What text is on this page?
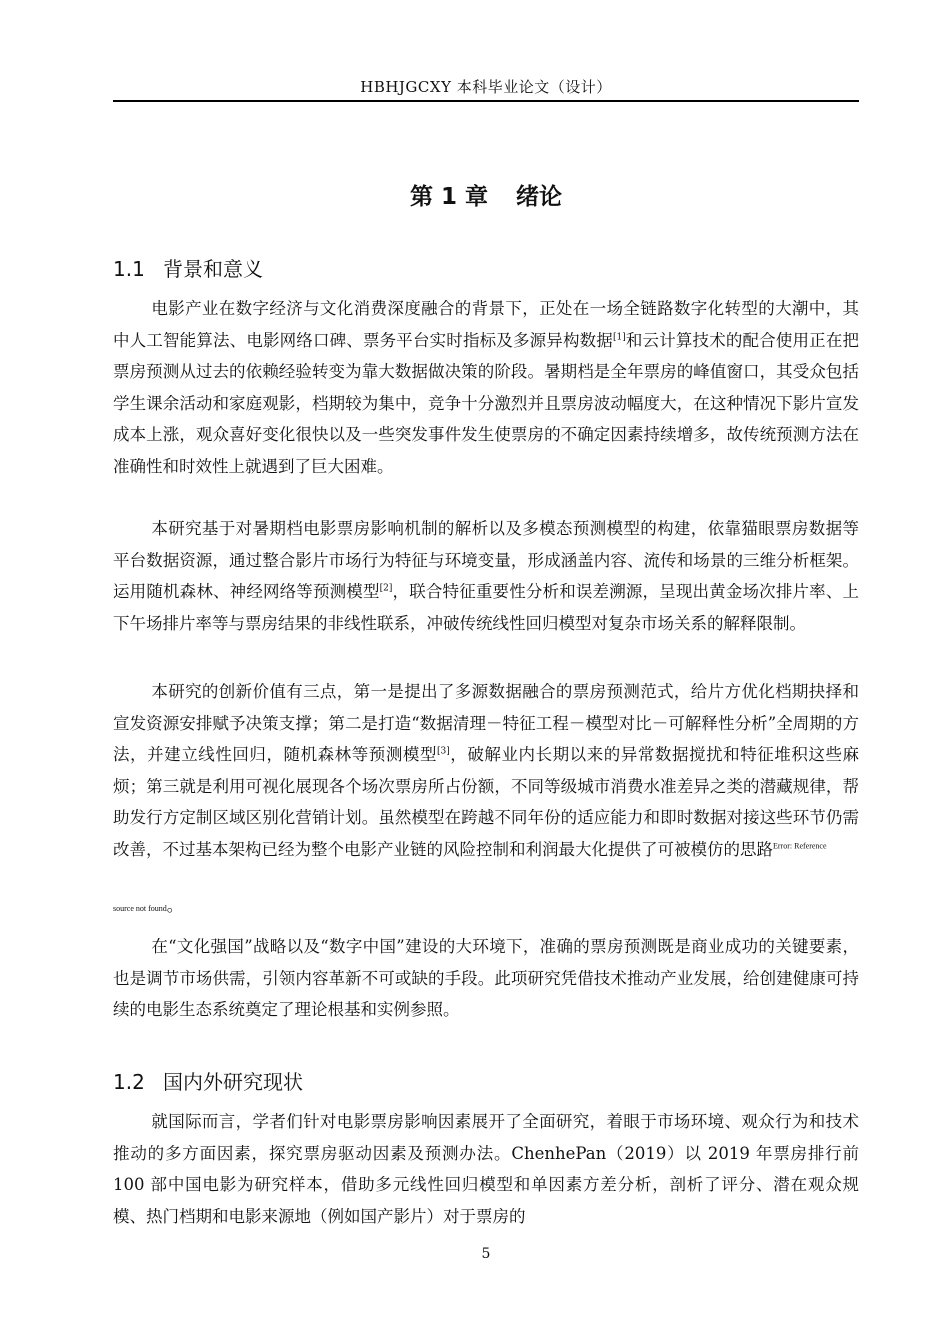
HBHJGCXY 本科毕业论文（设计）
第 1 章 绪论
1.1 背景和意义

电影产业在数字经济与文化消费深度融合的背景下，正处在一场全链路数字化转型的大潮中，其中人工智能算法、电影网络口碑、票务平台实时指标及多源异构数据[1]和云计算技术的配合使用正在把票房预测从过去的依赖经验转变为靠大数据做决策的阶段。暑期档是全年票房的峰值窗口，其受众包括学生课余活动和家庭观影，档期较为集中，竞争十分激烈并且票房波动幅度大，在这种情况下影片宣发成本上涨，观众喜好变化很快以及一些突发事件发生使票房的不确定因素持续增多，故传统预测方法在准确性和时效性上就遇到了巨大困难。

本研究基于对暑期档电影票房影响机制的解析以及多模态预测模型的构建，依靠猫眼票房数据等平台数据资源，通过整合影片市场行为特征与环境变量，形成涵盖内容、流传和场景的三维分析框架。运用随机森林、神经网络等预测模型[2]，联合特征重要性分析和误差溯源，呈现出黄金场次排片率、上下午场排片率等与票房结果的非线性联系，冲破传统线性回归模型对复杂市场关系的解释限制。

本研究的创新价值有三点，第一是提出了多源数据融合的票房预测范式，给片方优化档期抉择和宣发资源安排赋予决策支撑；第二是打造“数据清理－特征工程－模型对比－可解释性分析”全周期的方法，并建立线性回归，随机森林等预测模型[3]，破解业内长期以来的异常数据搅扰和特征堆积这些麻烦；第三就是利用可视化展现各个场次票房所占份额，不同等级城市消费水准差异之类的潜藏规律，帮助发行方定制区域区别化营销计划。虽然模型在跨越不同年份的适应能力和即时数据对接这些环节仍需改善，不过基本架构已经为整个电影产业链的风险控制和利润最大化提供了可被模仿的思路$^{Error: Reference}$

source not found。

在“文化强国”战略以及“数字中国”建设的大环境下，准确的票房预测既是商业成功的关键要素，也是调节市场供需，引领内容革新不可或缺的手段。此项研究凭借技术推动产业发展，给创建健康可持续的电影生态系统奠定了理论根基和实例参照。

1.2 国内外研究现状

就国际而言，学者们针对电影票房影响因素展开了全面研究，着眼于市场环境、观众行为和技术推动的多方面因素，探究票房驱动因素及预测办法。ChenhePan（2019）以 2019 年票房排行前 100 部中国电影为研究样本，借助多元线性回归模型和单因素方差分析，剖析了评分、潜在观众规模、热门档期和电影来源地（例如国产影片）对于票房的

5
